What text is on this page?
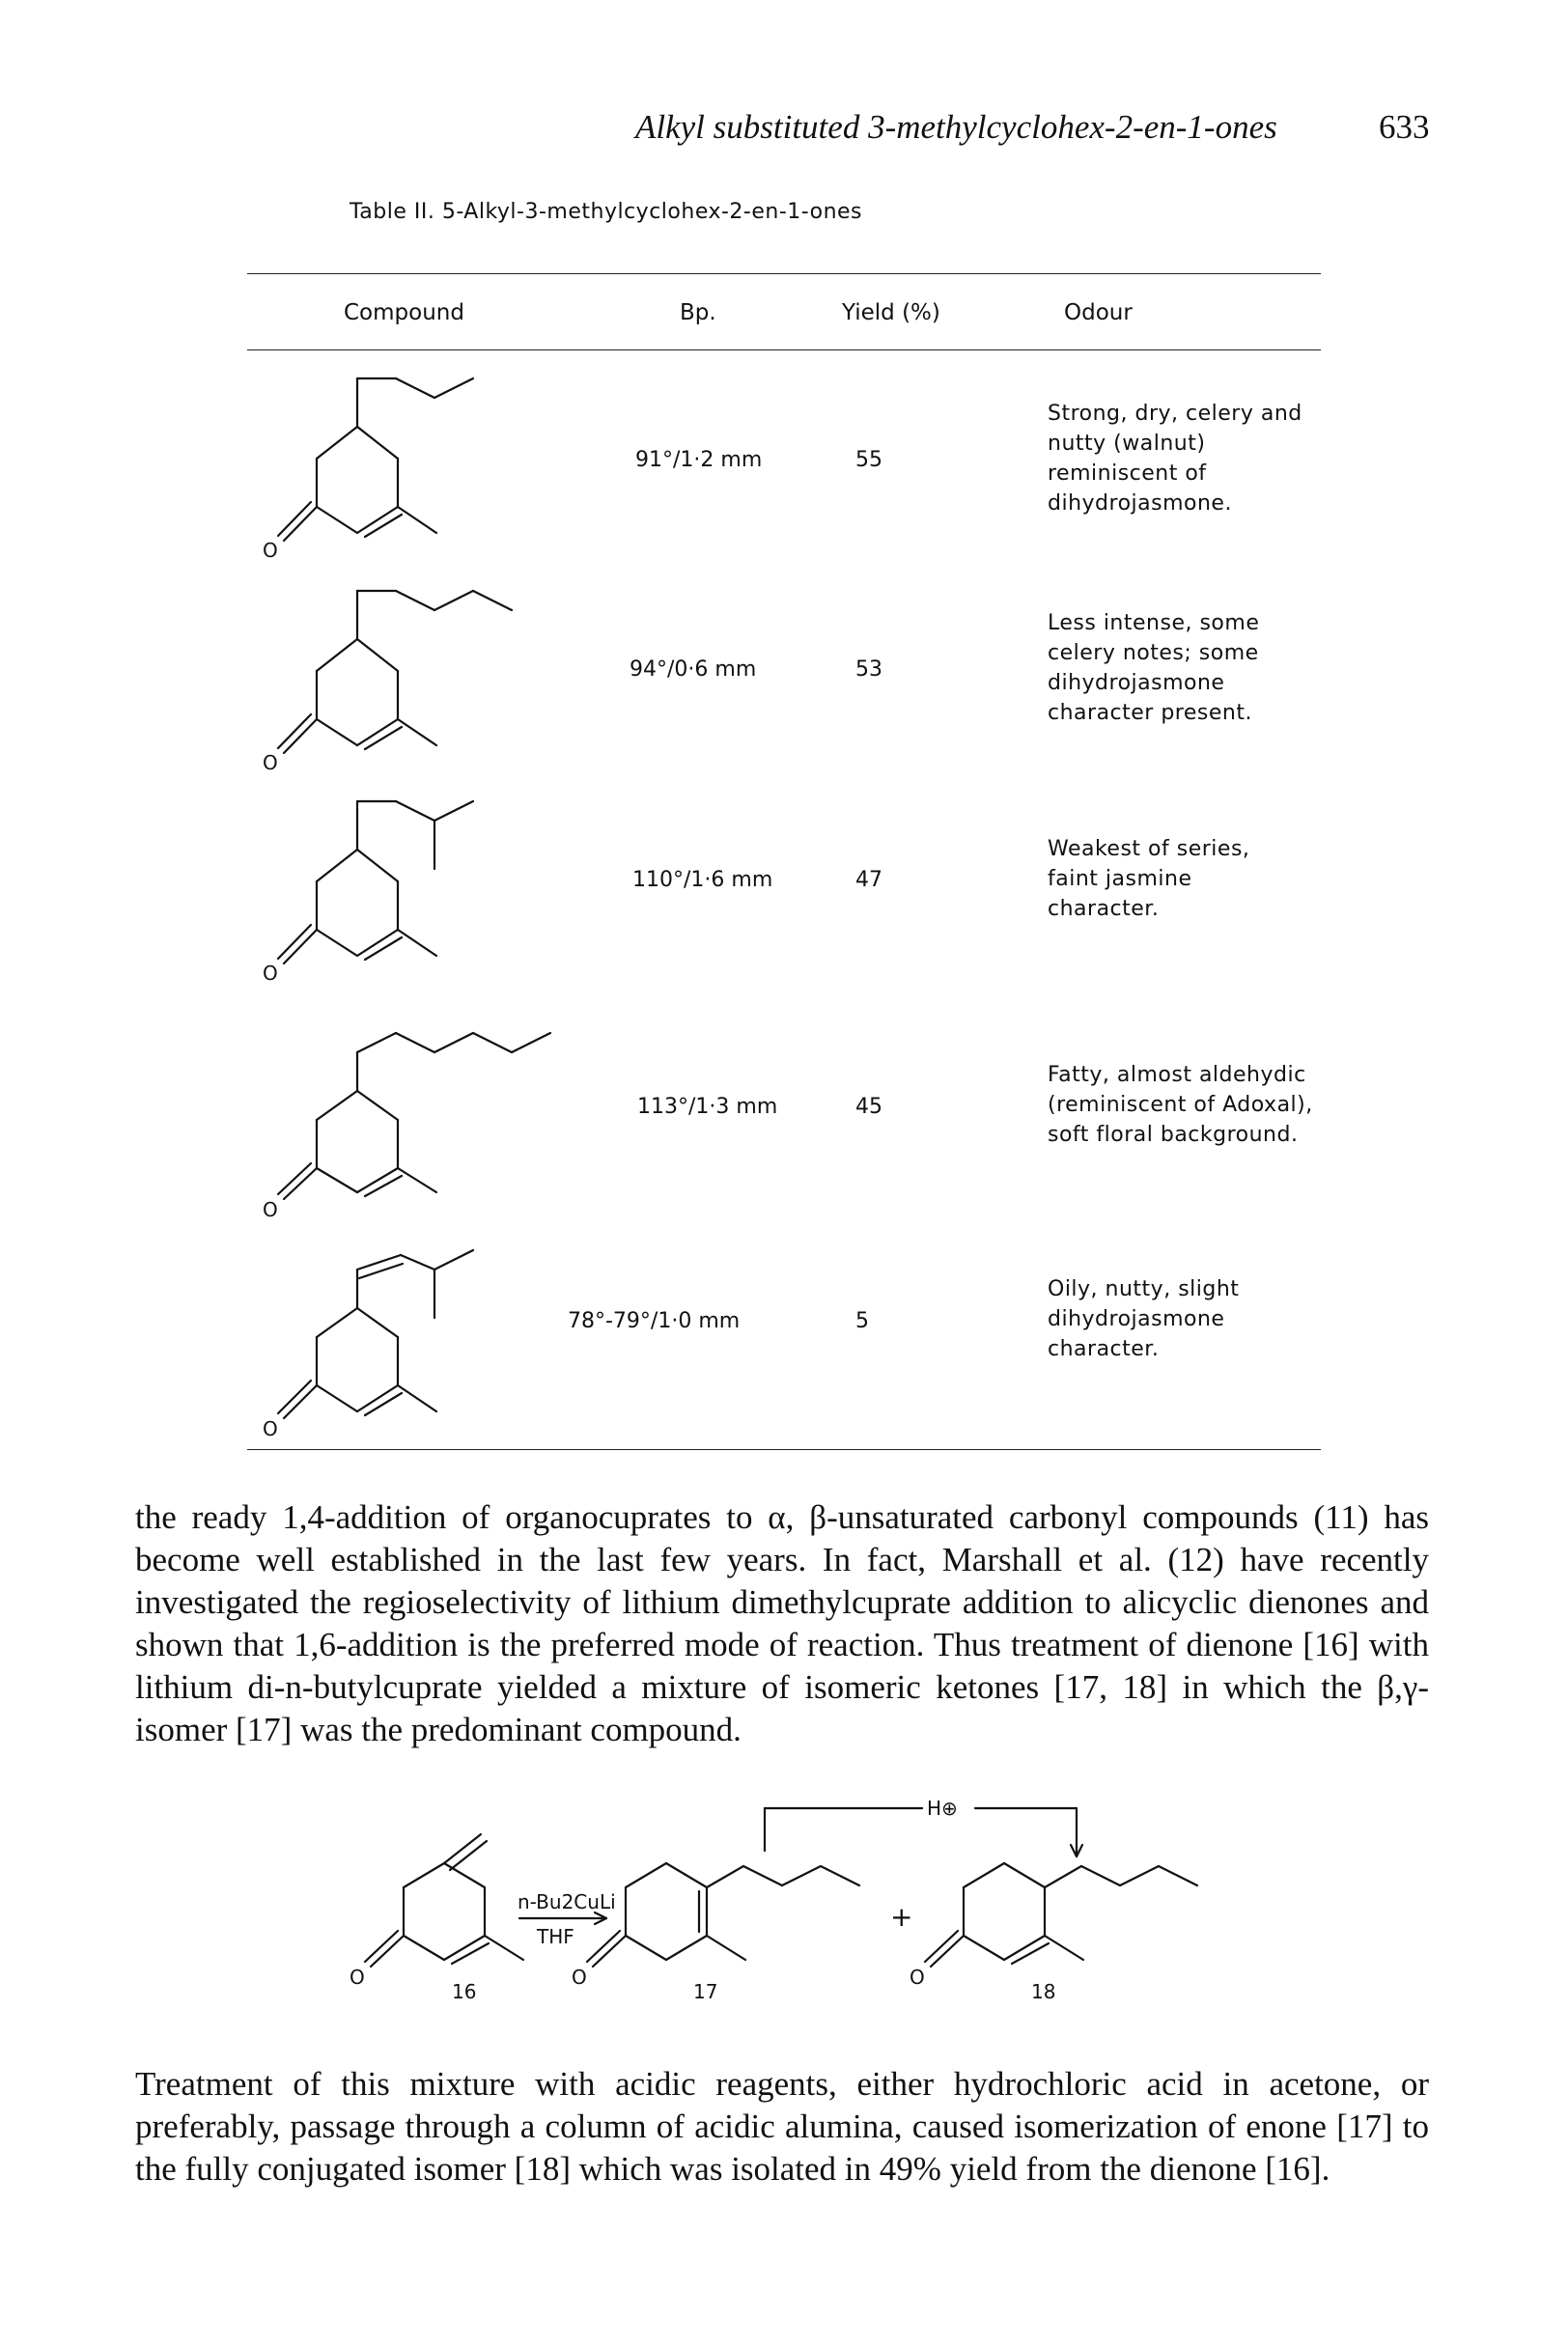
Alkyl substituted 3-methylcyclohex-2-en-1-ones	633
Table II. 5-Alkyl-3-methylcyclohex-2-en-1-ones
Compound	Bp.	Yield (%)	Odour
O
91°/1·2 mm	55
Strong, dry, celery and
nutty (walnut)
reminiscent of
dihydrojasmone.
O
94°/0·6 mm	53
Less intense, some
celery notes; some
dihydrojasmone
character present.
O
110°/1·6 mm	47
Weakest of series,
faint jasmine
character.
O
113°/1·3 mm	45
Fatty, almost aldehydic
(reminiscent of Adoxal),
soft floral background.
O
78°-79°/1·0 mm	5
Oily, nutty, slight
dihydrojasmone
character.

the ready 1,4-addition of organocuprates to α, β-unsaturated carbonyl compounds (11) has become well established in the last few years. In fact, Marshall et al. (12) have recently investigated the regioselectivity of lithium dimethylcuprate addition to alicyclic dienones and shown that 1,6-addition is the preferred mode of reaction. Thus treatment of dienone [16] with lithium di-n-butylcuprate yielded a mixture of isomeric ketones [17, 18] in which the β,γ-isomer [17] was the predominant compound.

O
16
n-Bu2CuLi
THF
O
17
+
O
18
H⊕

Treatment of this mixture with acidic reagents, either hydrochloric acid in acetone, or preferably, passage through a column of acidic alumina, caused isomerization of enone [17] to the fully conjugated isomer [18] which was isolated in 49% yield from the dienone [16].
